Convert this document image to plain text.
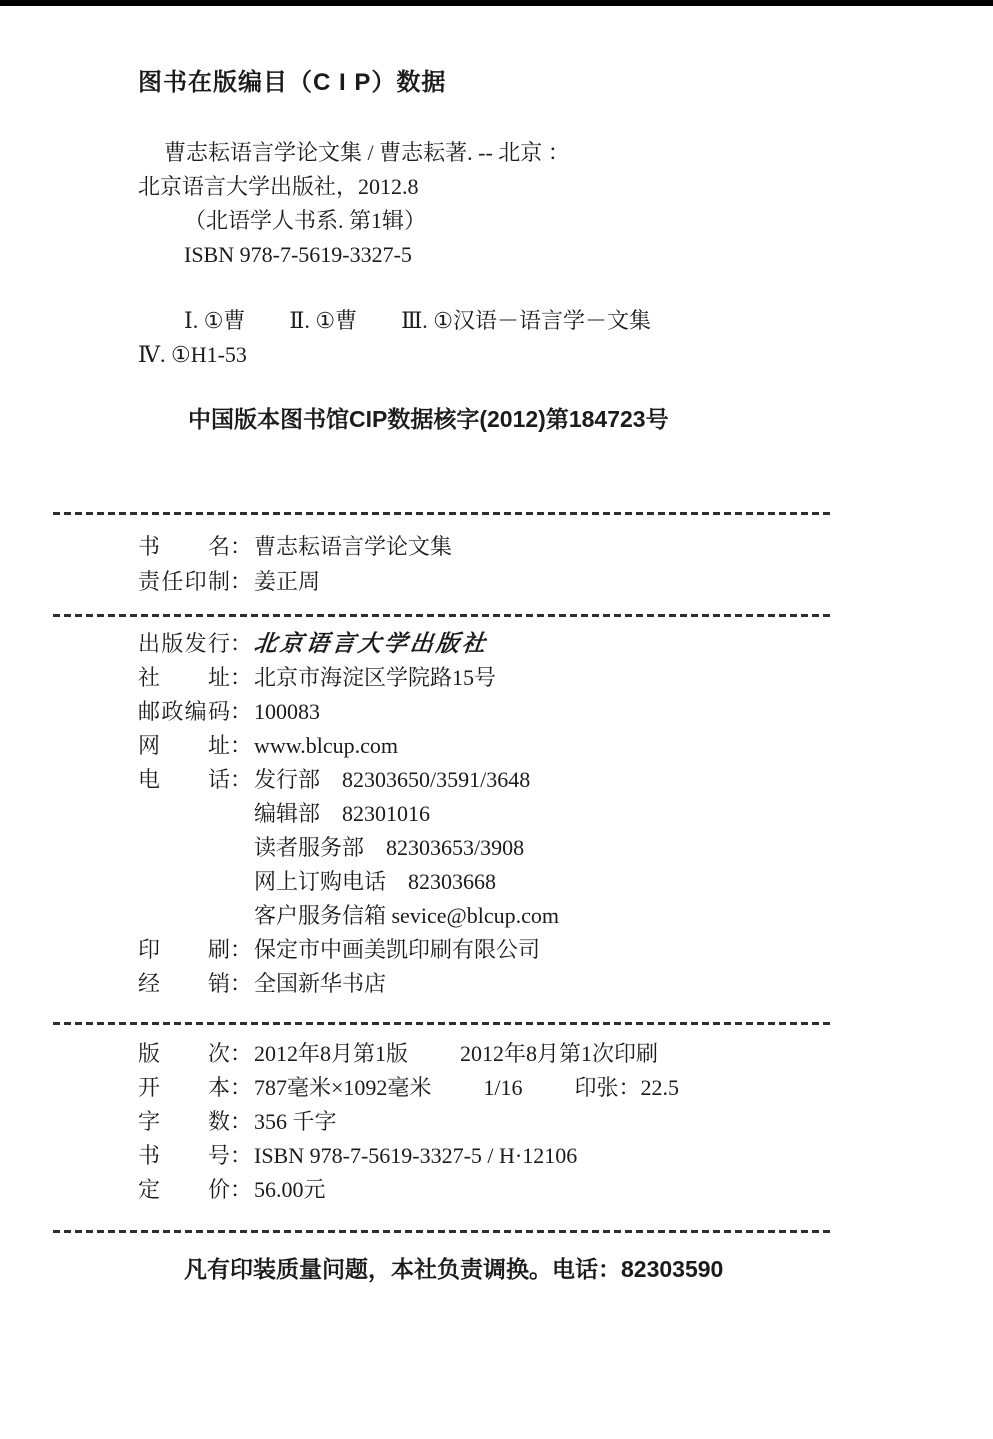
图书在版编目（C I P）数据
曹志耘语言学论文集 / 曹志耘著. -- 北京 ：
北京语言大学出版社，2012.8
（北语学人书系. 第1辑）
ISBN 978-7-5619-3327-5
Ⅰ. ①曹　　Ⅱ. ①曹　　Ⅲ. ①汉语－语言学－文集
Ⅳ. ①H1-53
中国版本图书馆CIP数据核字(2012)第184723号
书名：曹志耘语言学论文集
责任印制：姜正周
出版发行：北京语言大学出版社
社址：北京市海淀区学院路15号
邮政编码：100083
网址：www.blcup.com
电话：发行部　82303650/3591/3648
编辑部　82301016
读者服务部　82303653/3908
网上订购电话　82303668
客户服务信箱 sevice@blcup.com
印刷：保定市中画美凯印刷有限公司
经销：全国新华书店
版次：2012年8月第1版 2012年8月第1次印刷
开本：787毫米×1092毫米 1/16 印张：22.5
字数：356 千字
书号：ISBN 978-7-5619-3327-5 / H·12106
定价：56.00元
凡有印装质量问题，本社负责调换。电话：82303590
